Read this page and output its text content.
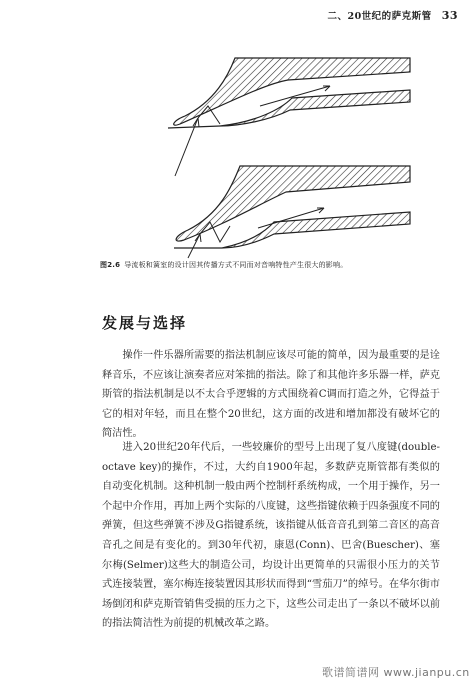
二、20世纪的萨克斯管 33
图2.6 导流板和簧室的设计因其传播方式不同而对音响特性产生很大的影响。
发展与选择

操作一件乐器所需要的指法机制应该尽可能的简单，因为最重要的是诠释音乐，不应该让演奏者应对笨拙的指法。除了和其他许多乐器一样，萨克斯管的指法机制是以不太合乎逻辑的方式围绕着C调而打造之外，它得益于它的相对年轻，而且在整个20世纪，这方面的改进和增加都没有破坏它的简洁性。

进入20世纪20年代后，一些较廉价的型号上出现了复八度键(double-octave key)的操作，不过，大约自1900年起，多数萨克斯管都有类似的自动变化机制。这种机制一般由两个控制杆系统构成，一个用于操作，另一个起中介作用，再加上两个实际的八度键，这些指键依赖于四条强度不同的弹簧，但这些弹簧不涉及G指键系统，该指键从低音音孔到第二音区的高音音孔之间是有变化的。到30年代初，康恩(Conn)、巴舍(Buescher)、塞尔梅(Selmer)这些大的制造公司，均设计出更简单的只需很小压力的关节式连接装置，塞尔梅连接装置因其形状而得到“雪茄刀”的绰号。在华尔街市场倒闭和萨克斯管销售受损的压力之下，这些公司走出了一条以不破坏以前的指法简洁性为前提的机械改革之路。

歌谱简谱网 www.jianpu.cn
